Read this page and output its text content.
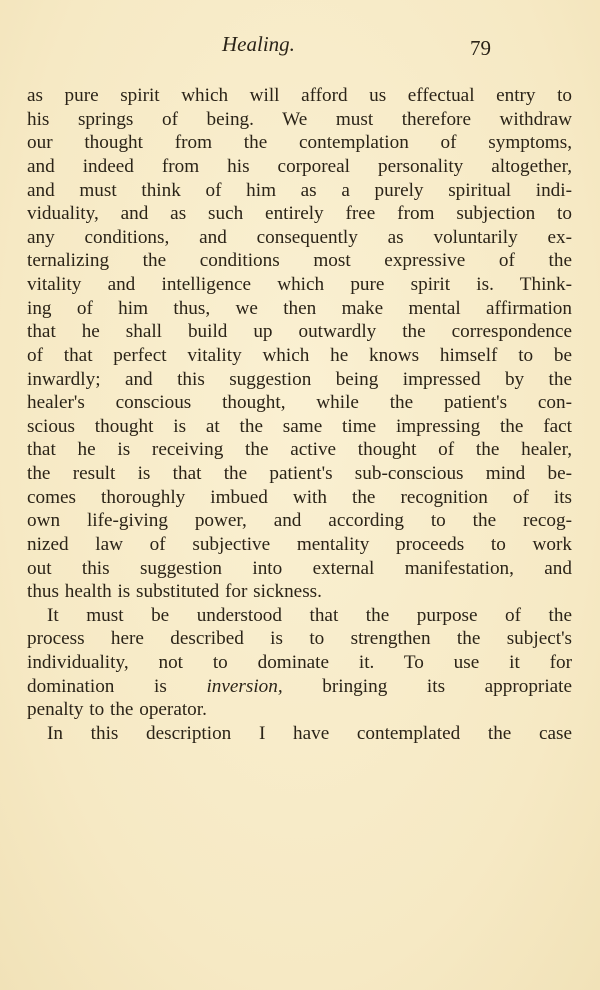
Healing.	79
as pure spirit which will afford us effectual entry to
his springs of being. We must therefore withdraw
our thought from the contemplation of symptoms,
and indeed from his corporeal personality altogether,
and must think of him as a purely spiritual indi-
viduality, and as such entirely free from subjection to
any conditions, and consequently as voluntarily ex-
ternalizing the conditions most expressive of the
vitality and intelligence which pure spirit is. Think-
ing of him thus, we then make mental affirmation
that he shall build up outwardly the correspondence
of that perfect vitality which he knows himself to be
inwardly; and this suggestion being impressed by the
healer's conscious thought, while the patient's con-
scious thought is at the same time impressing the fact
that he is receiving the active thought of the healer,
the result is that the patient's sub-conscious mind be-
comes thoroughly imbued with the recognition of its
own life-giving power, and according to the recog-
nized law of subjective mentality proceeds to work
out this suggestion into external manifestation, and
thus health is substituted for sickness.
It must be understood that the purpose of the
process here described is to strengthen the subject's
individuality, not to dominate it. To use it for
domination is inversion, bringing its appropriate
penalty to the operator.
In this description I have contemplated the case
